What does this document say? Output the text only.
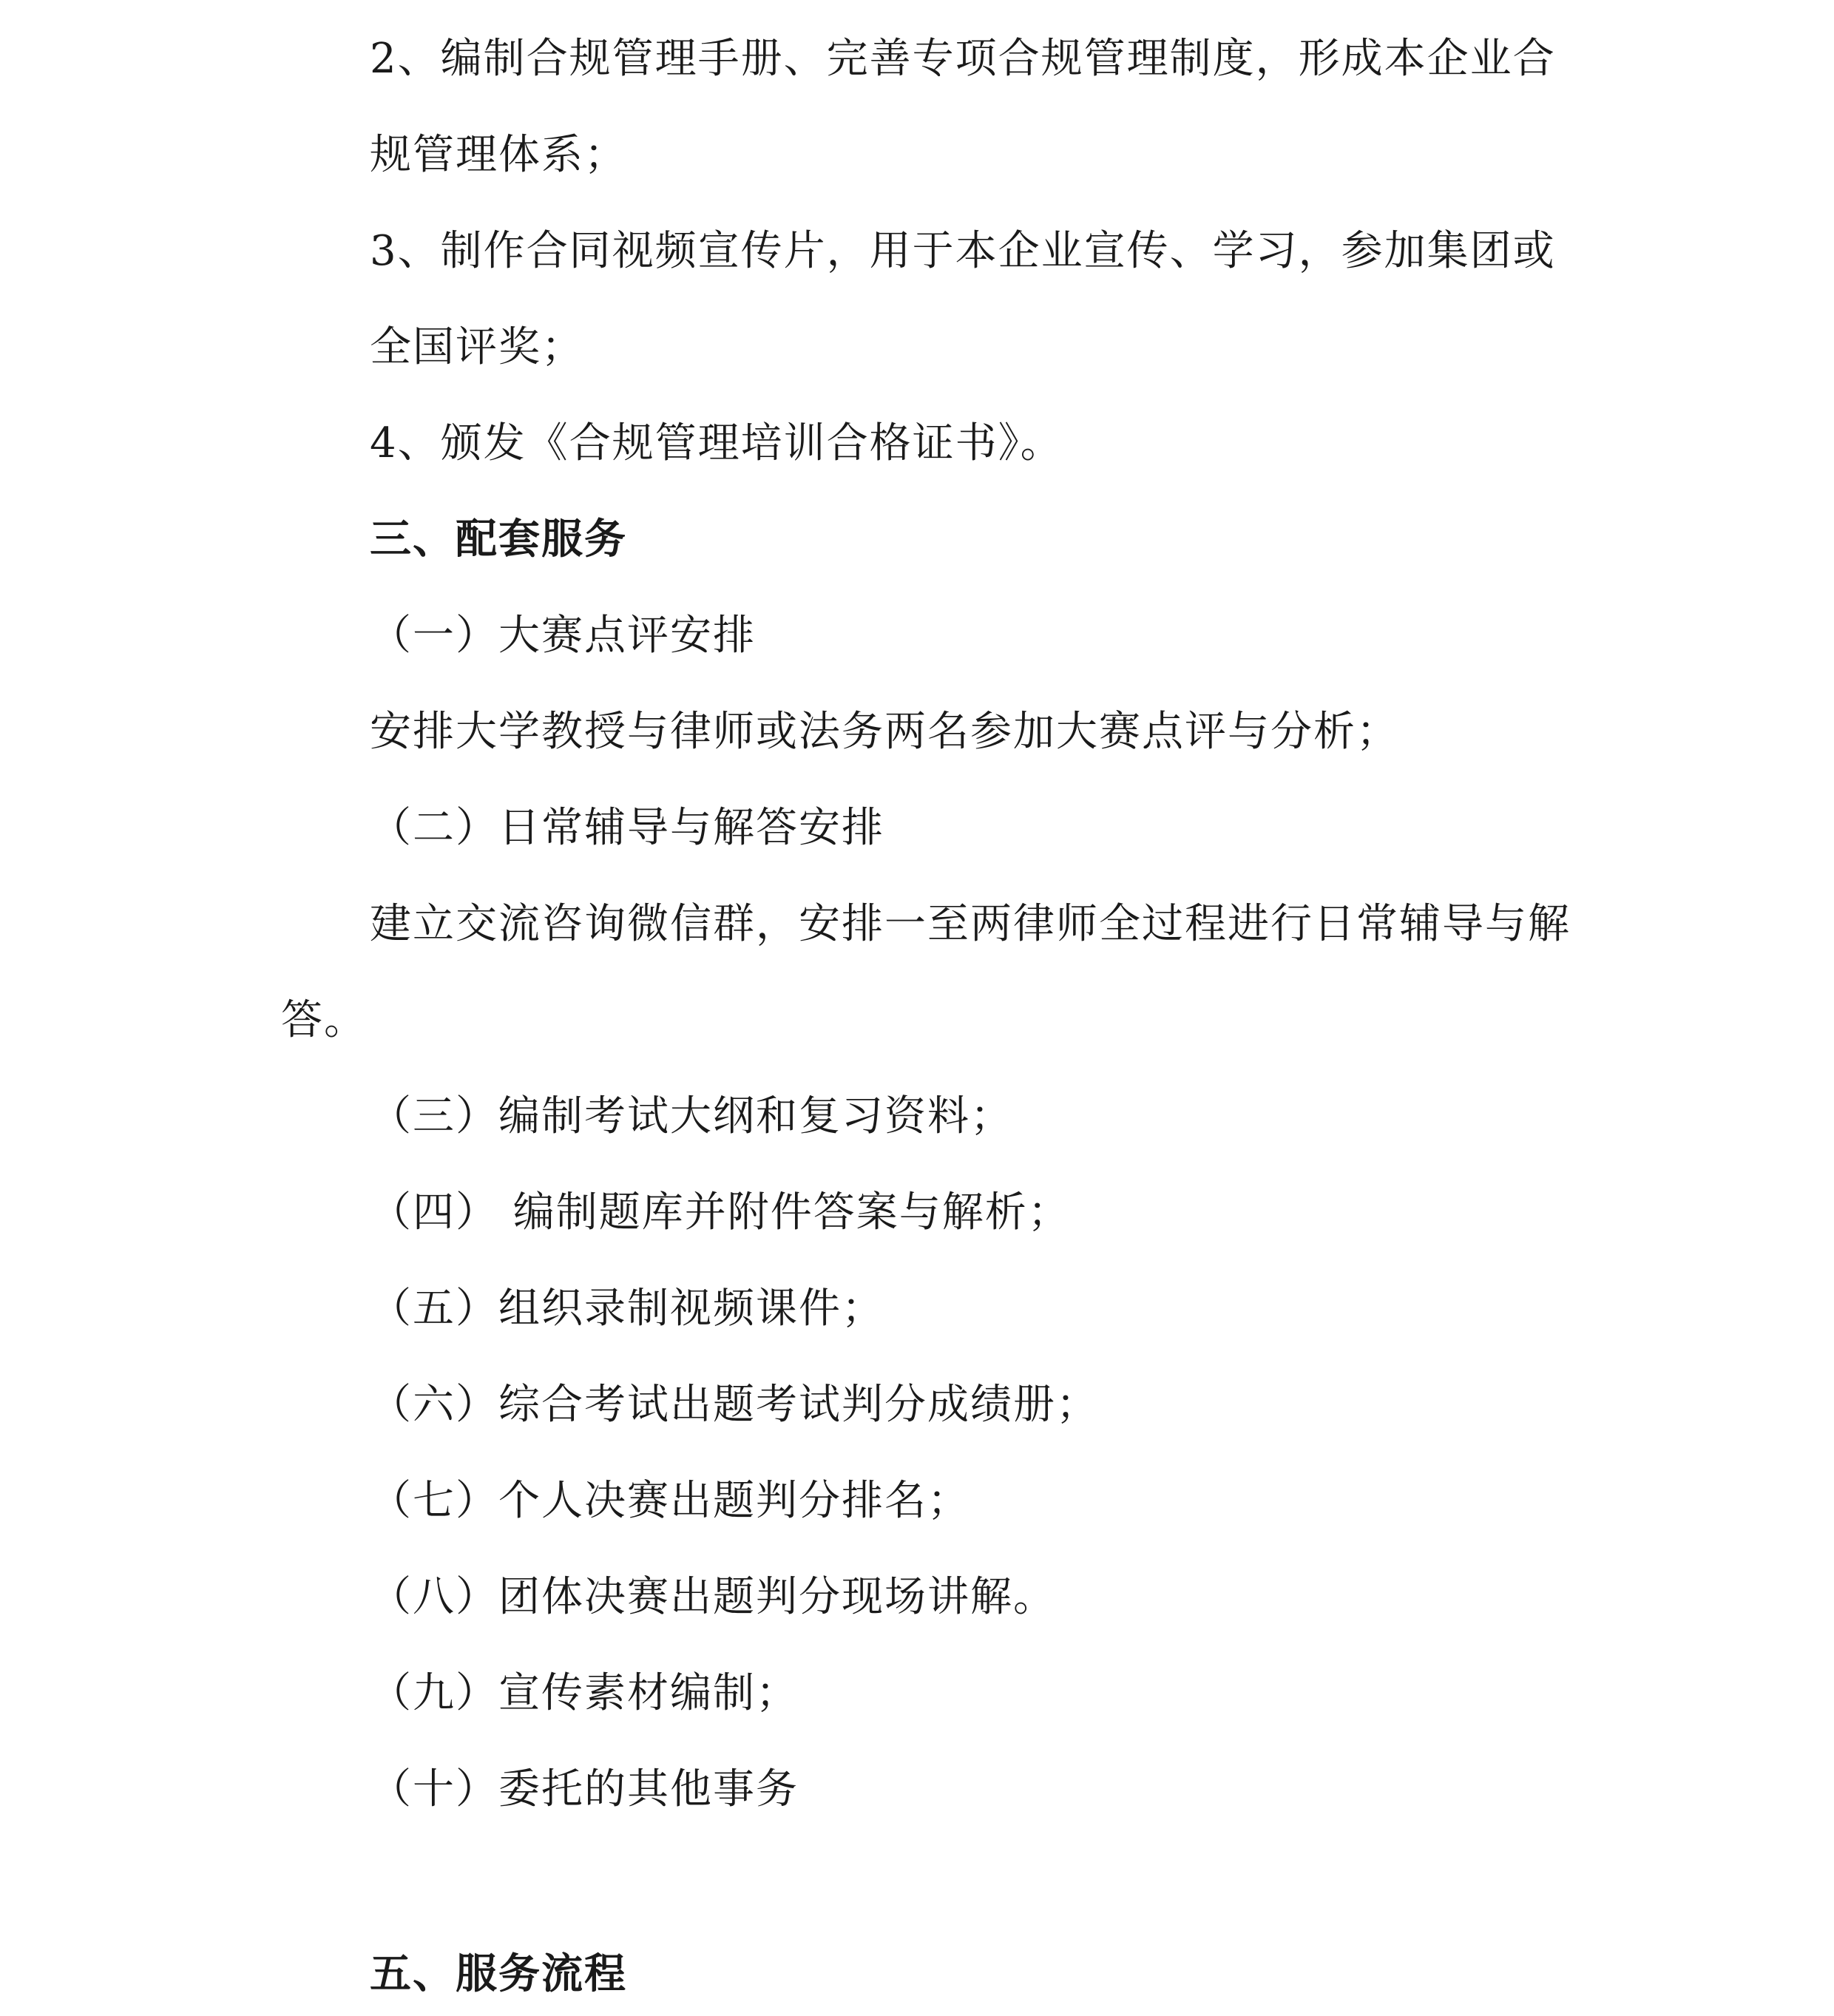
2、编制合规管理手册、完善专项合规管理制度，形成本企业合
规管理体系；
3、制作合同视频宣传片，用于本企业宣传、学习，参加集团或
全国评奖；
4、颁发《合规管理培训合格证书》。
三、配套服务
（一）大赛点评安排
安排大学教授与律师或法务两名参加大赛点评与分析；
（二）日常辅导与解答安排
建立交流咨询微信群，安排一至两律师全过程进行日常辅导与解
答。
（三）编制考试大纲和复习资料；
（四） 编制题库并附件答案与解析；
（五）组织录制视频课件；
（六）综合考试出题考试判分成绩册；
（七）个人决赛出题判分排名；
（八）团体决赛出题判分现场讲解。
（九）宣传素材编制；
（十）委托的其他事务
五、服务流程
